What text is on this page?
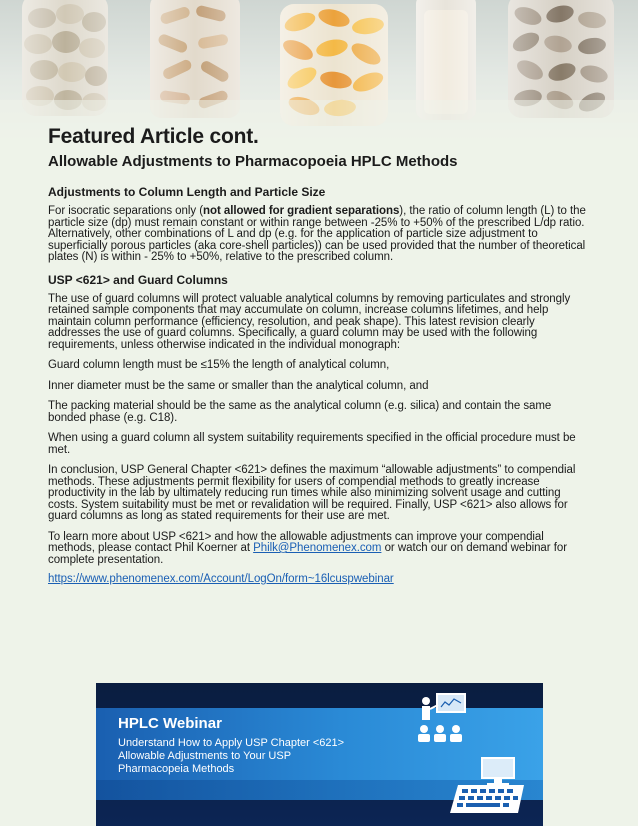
Featured Article cont.
Allowable Adjustments to Pharmacopoeia HPLC Methods
Adjustments to Column Length and Particle Size

For isocratic separations only (not allowed for gradient separations), the ratio of column length (L) to the particle size (dp) must remain constant or within range between -25% to +50% of the prescribed L/dp ratio. Alternatively, other combinations of L and dp (e.g. for the application of particle size adjustment to superficially porous particles (aka core-shell particles)) can be used provided that the number of theoretical plates (N) is within - 25% to +50%, relative to the prescribed column.

USP <621> and Guard Columns

The use of guard columns will protect valuable analytical columns by removing particulates and strongly retained sample components that may accumulate on column, increase columns lifetimes, and help maintain column performance (efficiency, resolution, and peak shape). This latest revision clearly addresses the use of guard columns. Specifically, a guard column may be used with the following requirements, unless otherwise indicated in the individual monograph:

Guard column length must be ≤15% the length of analytical column,

Inner diameter must be the same or smaller than the analytical column, and

The packing material should be the same as the analytical column (e.g. silica) and contain the same bonded phase (e.g. C18).

When using a guard column all system suitability requirements specified in the official procedure must be met.

In conclusion, USP General Chapter <621> defines the maximum “allowable adjustments” to compendial methods. These adjustments permit flexibility for users of compendial methods to greatly increase productivity in the lab by ultimately reducing run times while also minimizing solvent usage and cutting costs. System suitability must be met or revalidation will be required. Finally, USP <621> also allows for guard columns as long as stated requirements for their use are met.

To learn more about USP <621> and how the allowable adjustments can improve your compendial methods, please contact Phil Koerner at Philk@Phenomenex.com or watch our on demand webinar for complete presentation.

https://www.phenomenex.com/Account/LogOn/form~16lcuspwebinar

HPLC Webinar
Understand How to Apply USP Chapter <621>
Allowable Adjustments to Your USP
Pharmacopeia Methods
